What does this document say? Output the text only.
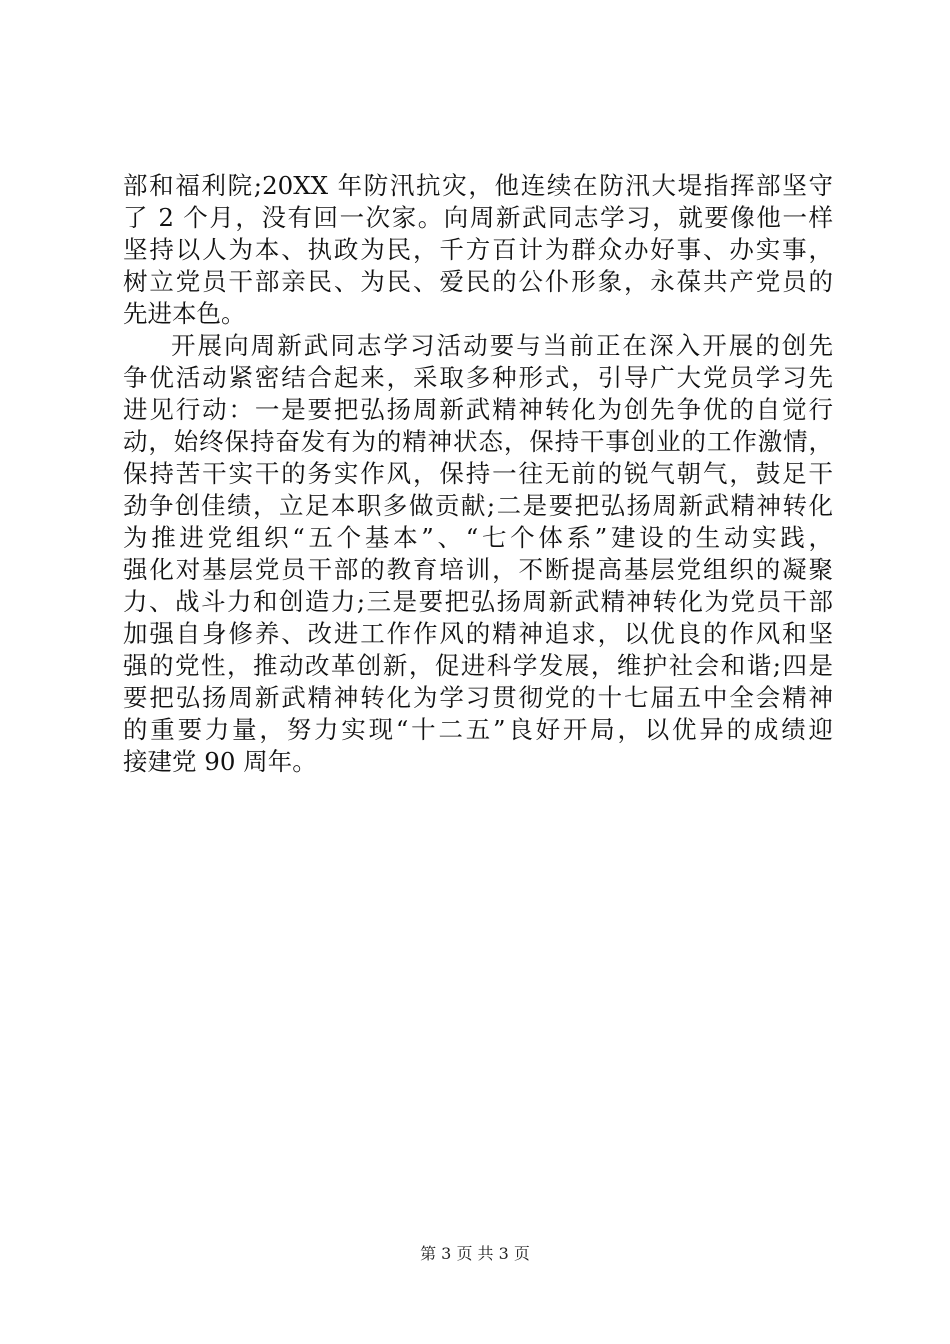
部和福利院;20XX 年防汛抗灾，他连续在防汛大堤指挥部坚守
了 2 个月，没有回一次家。向周新武同志学习，就要像他一样
坚持以人为本、执政为民，千方百计为群众办好事、办实事，
树立党员干部亲民、为民、爱民的公仆形象，永葆共产党员的
先进本色。
开展向周新武同志学习活动要与当前正在深入开展的创先
争优活动紧密结合起来，采取多种形式，引导广大党员学习先
进见行动：一是要把弘扬周新武精神转化为创先争优的自觉行
动，始终保持奋发有为的精神状态，保持干事创业的工作激情，
保持苦干实干的务实作风，保持一往无前的锐气朝气，鼓足干
劲争创佳绩，立足本职多做贡献;二是要把弘扬周新武精神转化
为推进党组织“五个基本”、“七个体系”建设的生动实践，
强化对基层党员干部的教育培训，不断提高基层党组织的凝聚
力、战斗力和创造力;三是要把弘扬周新武精神转化为党员干部
加强自身修养、改进工作作风的精神追求，以优良的作风和坚
强的党性，推动改革创新，促进科学发展，维护社会和谐;四是
要把弘扬周新武精神转化为学习贯彻党的十七届五中全会精神
的重要力量，努力实现“十二五”良好开局，以优异的成绩迎
接建党 90 周年。
第 3 页 共 3 页
